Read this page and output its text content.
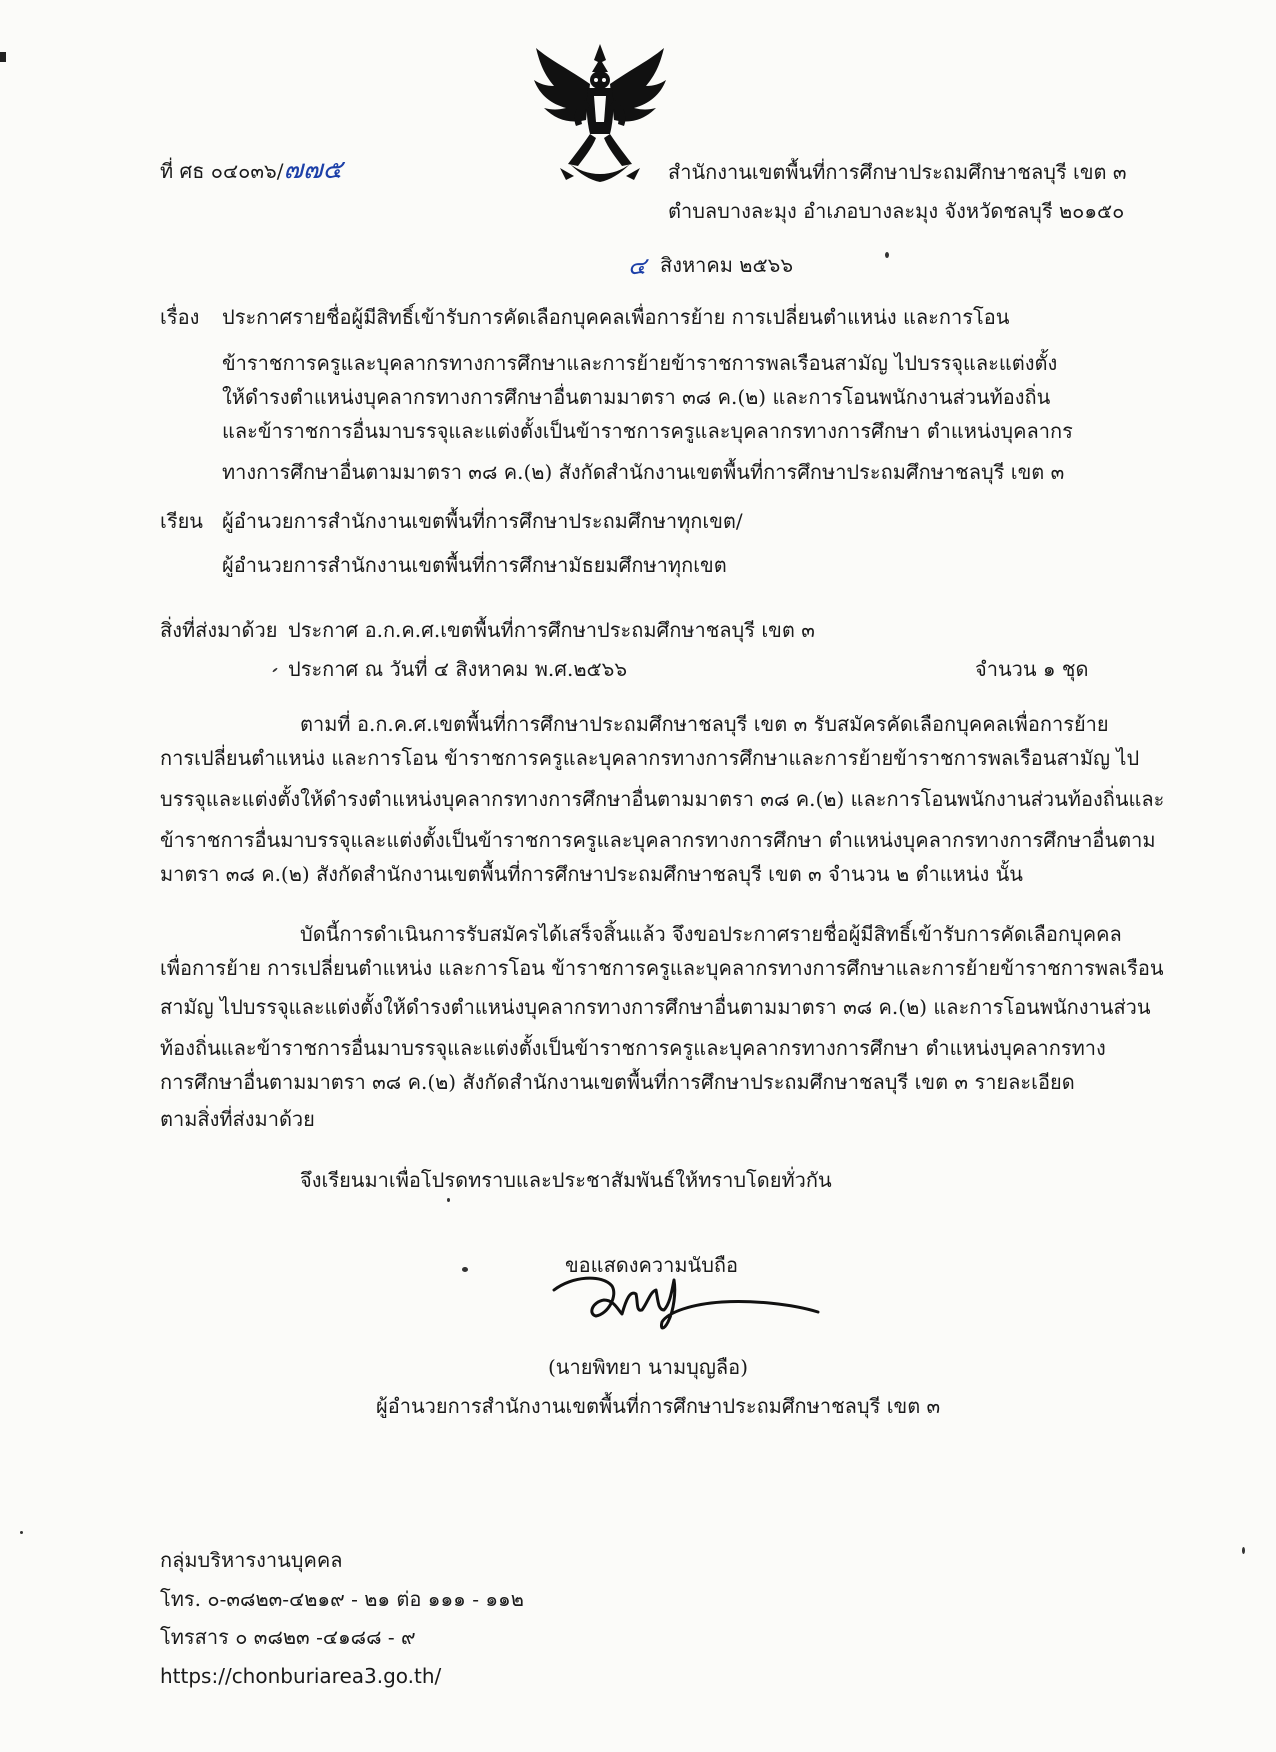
ที่ ศธ ๐๔๐๓๖/๗๗๕	สำนักงานเขตพื้นที่การศึกษาประถมศึกษาชลบุรี เขต ๓
ตำบลบางละมุง อำเภอบางละมุง จังหวัดชลบุรี ๒๐๑๕๐
๔ สิงหาคม ๒๕๖๖
เรื่อง ประกาศรายชื่อผู้มีสิทธิ์เข้ารับการคัดเลือกบุคคลเพื่อการย้าย การเปลี่ยนตำแหน่ง และการโอน
ข้าราชการครูและบุคลากรทางการศึกษาและการย้ายข้าราชการพลเรือนสามัญ ไปบรรจุและแต่งตั้ง
ให้ดำรงตำแหน่งบุคลากรทางการศึกษาอื่นตามมาตรา ๓๘ ค.(๒) และการโอนพนักงานส่วนท้องถิ่น
และข้าราชการอื่นมาบรรจุและแต่งตั้งเป็นข้าราชการครูและบุคลากรทางการศึกษา ตำแหน่งบุคลากร
ทางการศึกษาอื่นตามมาตรา ๓๘ ค.(๒) สังกัดสำนักงานเขตพื้นที่การศึกษาประถมศึกษาชลบุรี เขต ๓
เรียน ผู้อำนวยการสำนักงานเขตพื้นที่การศึกษาประถมศึกษาทุกเขต/
ผู้อำนวยการสำนักงานเขตพื้นที่การศึกษามัธยมศึกษาทุกเขต
สิ่งที่ส่งมาด้วย ประกาศ อ.ก.ค.ศ.เขตพื้นที่การศึกษาประถมศึกษาชลบุรี เขต ๓
ประกาศ ณ วันที่ ๔ สิงหาคม พ.ศ.๒๕๖๖	จำนวน ๑ ชุด
ตามที่ อ.ก.ค.ศ.เขตพื้นที่การศึกษาประถมศึกษาชลบุรี เขต ๓ รับสมัครคัดเลือกบุคคลเพื่อการย้าย
การเปลี่ยนตำแหน่ง และการโอน ข้าราชการครูและบุคลากรทางการศึกษาและการย้ายข้าราชการพลเรือนสามัญ ไป
บรรจุและแต่งตั้งให้ดำรงตำแหน่งบุคลากรทางการศึกษาอื่นตามมาตรา ๓๘ ค.(๒) และการโอนพนักงานส่วนท้องถิ่นและ
ข้าราชการอื่นมาบรรจุและแต่งตั้งเป็นข้าราชการครูและบุคลากรทางการศึกษา ตำแหน่งบุคลากรทางการศึกษาอื่นตาม
มาตรา ๓๘ ค.(๒) สังกัดสำนักงานเขตพื้นที่การศึกษาประถมศึกษาชลบุรี เขต ๓ จำนวน ๒ ตำแหน่ง นั้น
บัดนี้การดำเนินการรับสมัครได้เสร็จสิ้นแล้ว จึงขอประกาศรายชื่อผู้มีสิทธิ์เข้ารับการคัดเลือกบุคคล
เพื่อการย้าย การเปลี่ยนตำแหน่ง และการโอน ข้าราชการครูและบุคลากรทางการศึกษาและการย้ายข้าราชการพลเรือน
สามัญ ไปบรรจุและแต่งตั้งให้ดำรงตำแหน่งบุคลากรทางการศึกษาอื่นตามมาตรา ๓๘ ค.(๒) และการโอนพนักงานส่วน
ท้องถิ่นและข้าราชการอื่นมาบรรจุและแต่งตั้งเป็นข้าราชการครูและบุคลากรทางการศึกษา ตำแหน่งบุคลากรทาง
การศึกษาอื่นตามมาตรา ๓๘ ค.(๒) สังกัดสำนักงานเขตพื้นที่การศึกษาประถมศึกษาชลบุรี เขต ๓ รายละเอียด
ตามสิ่งที่ส่งมาด้วย
จึงเรียนมาเพื่อโปรดทราบและประชาสัมพันธ์ให้ทราบโดยทั่วกัน
ขอแสดงความนับถือ
(นายพิทยา นามบุญลือ)
ผู้อำนวยการสำนักงานเขตพื้นที่การศึกษาประถมศึกษาชลบุรี เขต ๓
กลุ่มบริหารงานบุคคล
โทร. ๐-๓๘๒๓-๔๒๑๙ - ๒๑ ต่อ ๑๑๑ - ๑๑๒
โทรสาร ๐ ๓๘๒๓ -๔๑๘๘ - ๙
https://chonburiarea3.go.th/
